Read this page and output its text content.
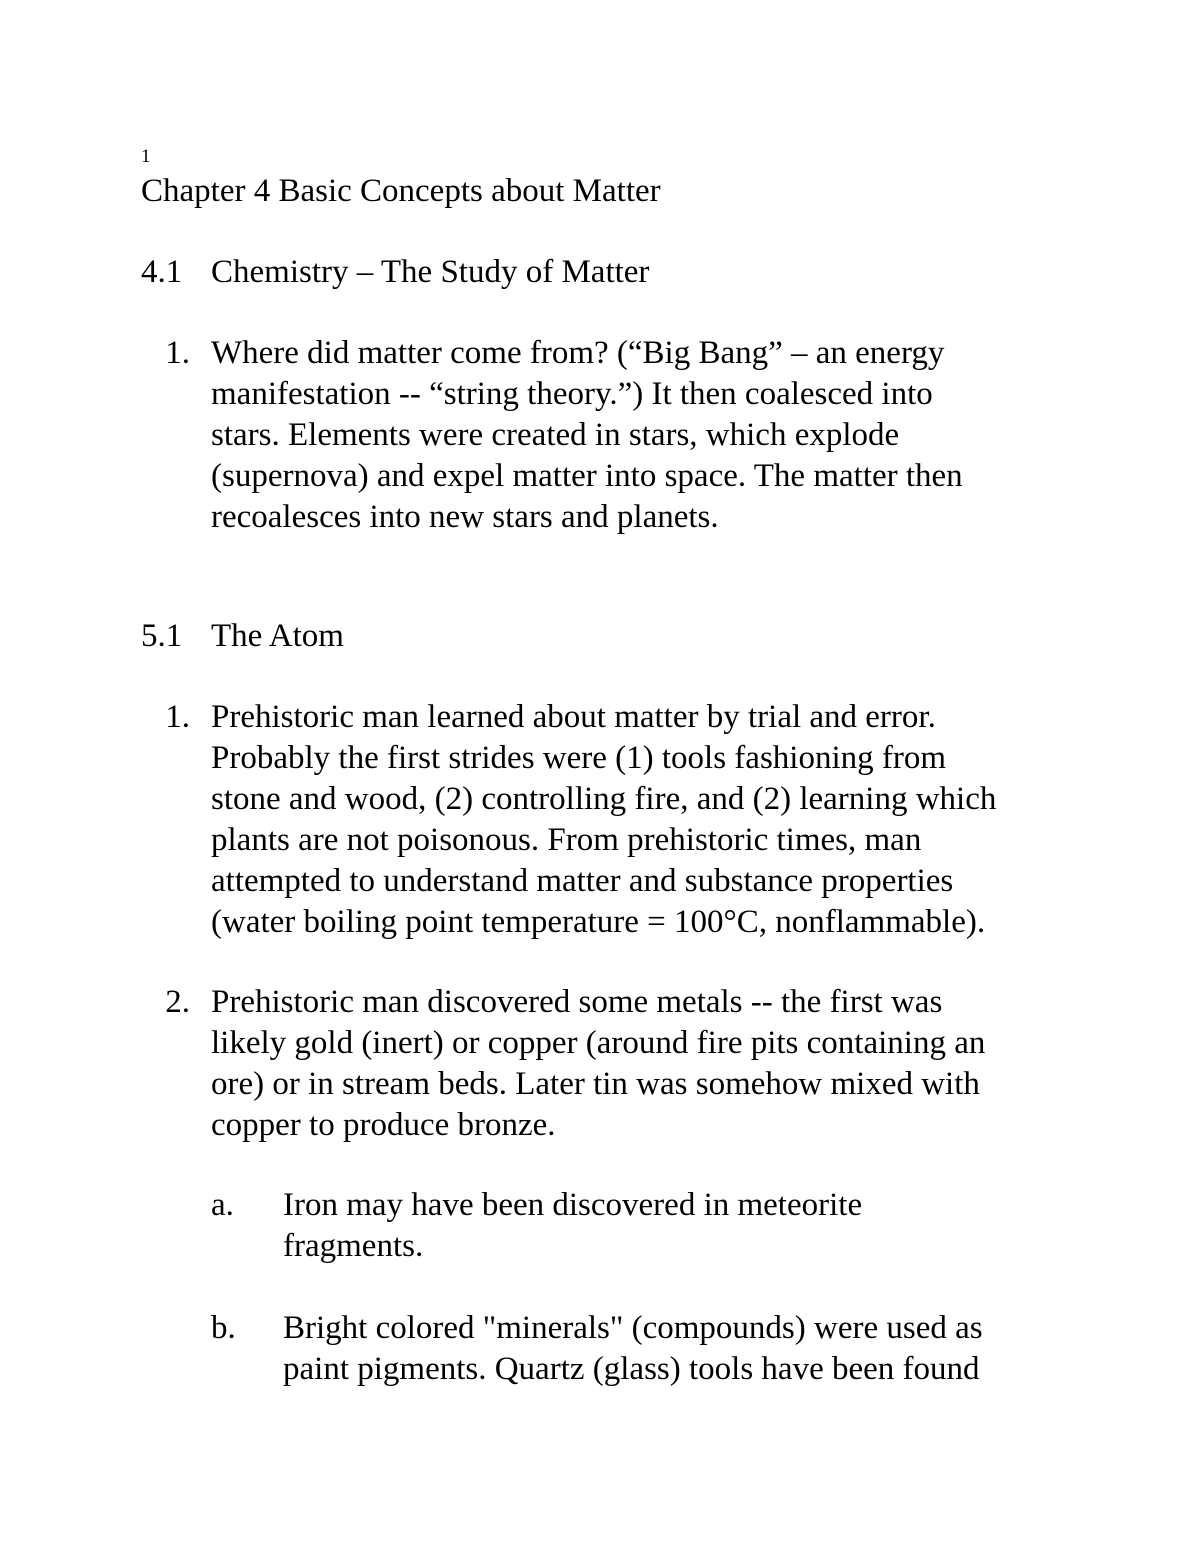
1
Chapter 4 Basic Concepts about Matter
4.1 Chemistry – The Study of Matter
1. Where did matter come from? (“Big Bang” – an energy
manifestation -- “string theory.”) It then coalesced into
stars. Elements were created in stars, which explode
(supernova) and expel matter into space. The matter then
recoalesces into new stars and planets.
5.1 The Atom
1. Prehistoric man learned about matter by trial and error.
Probably the first strides were (1) tools fashioning from
stone and wood, (2) controlling fire, and (2) learning which
plants are not poisonous. From prehistoric times, man
attempted to understand matter and substance properties
(water boiling point temperature = 100°C, nonflammable).
2. Prehistoric man discovered some metals -- the first was
likely gold (inert) or copper (around fire pits containing an
ore) or in stream beds. Later tin was somehow mixed with
copper to produce bronze.
a. Iron may have been discovered in meteorite
fragments.
b. Bright colored "minerals" (compounds) were used as
paint pigments. Quartz (glass) tools have been found
